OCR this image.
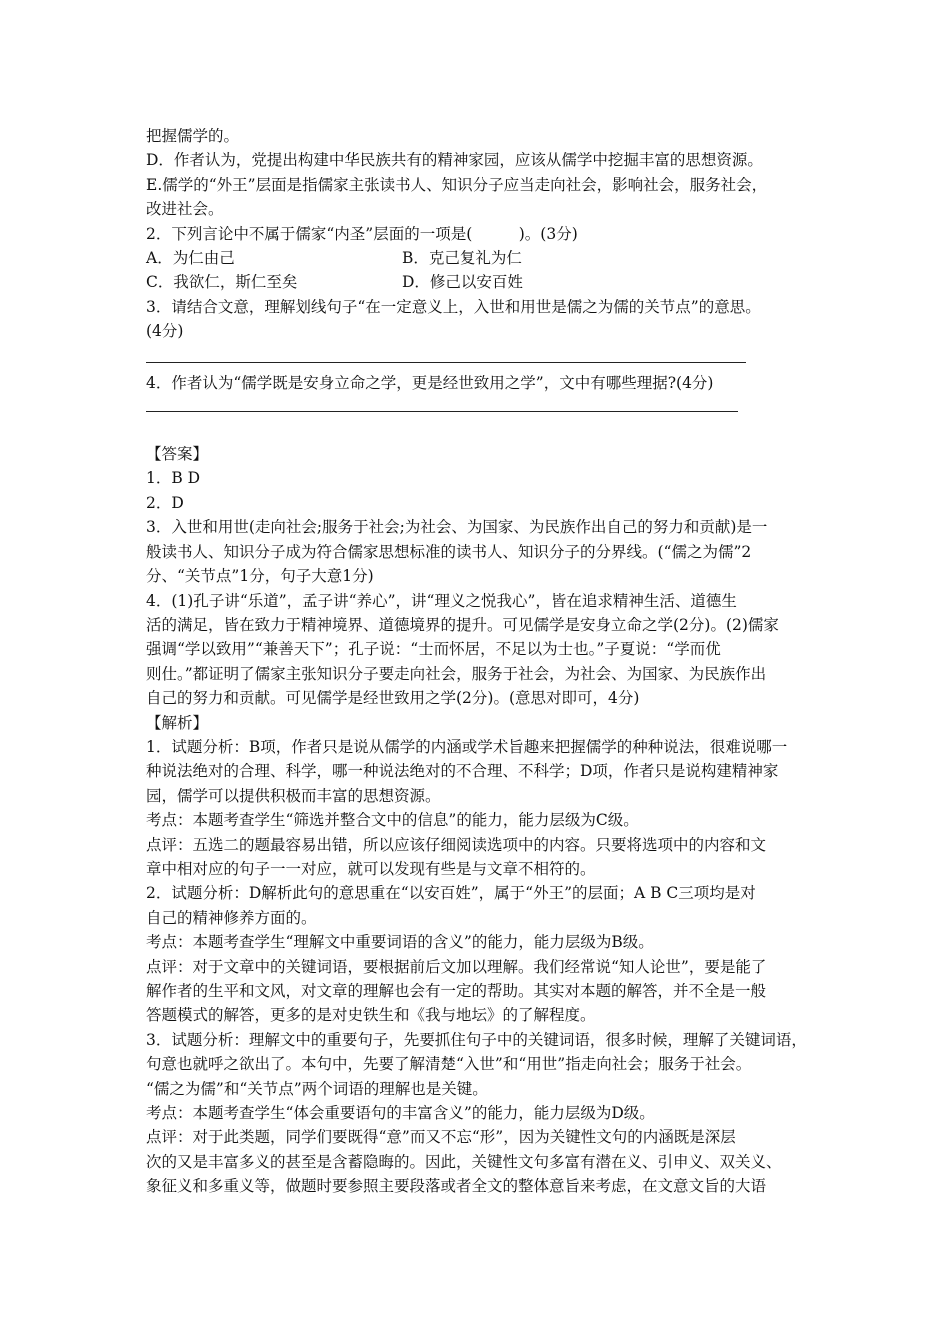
把握儒学的。
D．作者认为，党提出构建中华民族共有的精神家园，应该从儒学中挖掘丰富的思想资源。
E.儒学的“外王”层面是指儒家主张读书人、知识分子应当走向社会，影响社会，服务社会，
改进社会。
2．下列言论中不属于儒家“内圣”层面的一项是(　　　)。(3分)
A．为仁由己	B．克己复礼为仁
C．我欲仁，斯仁至矣	D．修己以安百姓
3．请结合文意，理解划线句子“在一定意义上，入世和用世是儒之为儒的关节点”的意思。
(4分)
4．作者认为“儒学既是安身立命之学，更是经世致用之学”，文中有哪些理据?(4分)
【答案】
1．B D
2．D
3．入世和用世(走向社会;服务于社会;为社会、为国家、为民族作出自己的努力和贡献)是一
般读书人、知识分子成为符合儒家思想标准的读书人、知识分子的分界线。(“儒之为儒”2
分、“关节点”1分，句子大意1分)
4．(1)孔子讲“乐道”，孟子讲“养心”，讲“理义之悦我心”，皆在追求精神生活、道德生
活的满足，皆在致力于精神境界、道德境界的提升。可见儒学是安身立命之学(2分)。(2)儒家
强调“学以致用”“兼善天下”；孔子说：“士而怀居，不足以为士也。”子夏说：“学而优
则仕。”都证明了儒家主张知识分子要走向社会，服务于社会，为社会、为国家、为民族作出
自己的努力和贡献。可见儒学是经世致用之学(2分)。(意思对即可，4分)
【解析】
1．试题分析：B项，作者只是说从儒学的内涵或学术旨趣来把握儒学的种种说法，很难说哪一
种说法绝对的合理、科学，哪一种说法绝对的不合理、不科学；D项，作者只是说构建精神家
园，儒学可以提供积极而丰富的思想资源。
考点：本题考查学生“筛选并整合文中的信息”的能力，能力层级为C级。
点评：五选二的题最容易出错，所以应该仔细阅读选项中的内容。只要将选项中的内容和文
章中相对应的句子一一对应，就可以发现有些是与文章不相符的。
2．试题分析：D解析此句的意思重在“以安百姓”，属于“外王”的层面；A B C三项均是对
自己的精神修养方面的。
考点：本题考查学生“理解文中重要词语的含义”的能力，能力层级为B级。
点评：对于文章中的关键词语，要根据前后文加以理解。我们经常说“知人论世”，要是能了
解作者的生平和文风，对文章的理解也会有一定的帮助。其实对本题的解答，并不全是一般
答题模式的解答，更多的是对史铁生和《我与地坛》的了解程度。
3．试题分析：理解文中的重要句子，先要抓住句子中的关键词语，很多时候，理解了关键词语，
句意也就呼之欲出了。本句中，先要了解清楚“入世”和“用世”指走向社会；服务于社会。
“儒之为儒”和“关节点”两个词语的理解也是关键。
考点：本题考查学生“体会重要语句的丰富含义”的能力，能力层级为D级。
点评：对于此类题，同学们要既得“意”而又不忘“形”，因为关键性文句的内涵既是深层
次的又是丰富多义的甚至是含蓄隐晦的。因此，关键性文句多富有潜在义、引申义、双关义、
象征义和多重义等，做题时要参照主要段落或者全文的整体意旨来考虑，在文意文旨的大语
